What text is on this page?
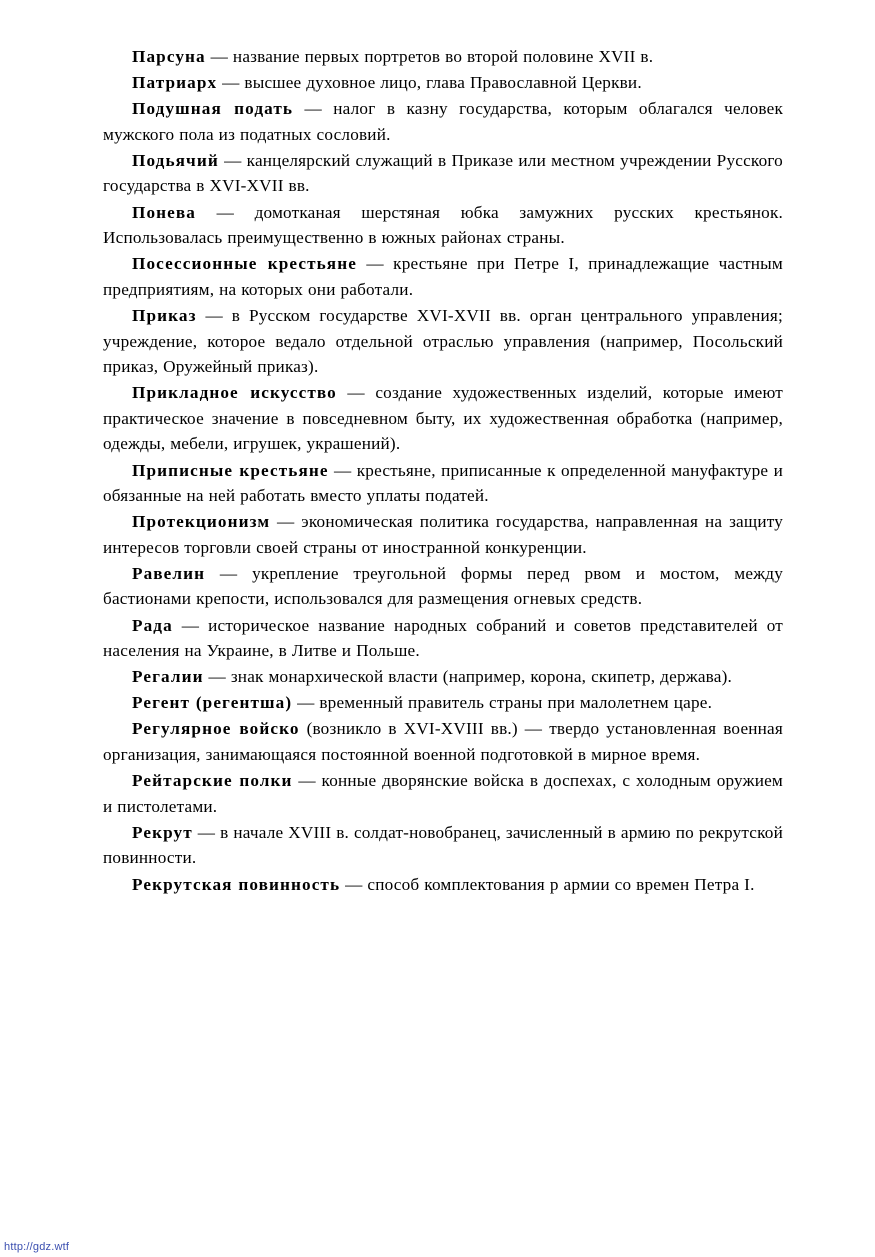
Парсуна — название первых портретов во второй половине XVII в.

Патриарх — высшее духовное лицо, глава Православной Церкви.

Подушная подать — налог в казну государства, которым облагался человек мужского пола из податных сословий.

Подьячий — канцелярский служащий в Приказе или местном учреждении Русского государства в XVI-XVII вв.

Понева — домотканая шерстяная юбка замужних русских крестьянок. Использовалась преимущественно в южных районах страны.

Посессионные крестьяне — крестьяне при Петре I, принадлежащие частным предприятиям, на которых они работали.

Приказ — в Русском государстве XVI-XVII вв. орган центрального управления; учреждение, которое ведало отдельной отраслью управления (например, Посольский приказ, Оружейный приказ).

Прикладное искусство — создание художественных изделий, которые имеют практическое значение в повседневном быту, их художественная обработка (например, одежды, мебели, игрушек, украшений).

Приписные крестьяне — крестьяне, приписанные к определенной мануфактуре и обязанные на ней работать вместо уплаты податей.

Протекционизм — экономическая политика государства, направленная на защиту интересов торговли своей страны от иностранной конкуренции.

Равелин — укрепление треугольной формы перед рвом и мостом, между бастионами крепости, использовался для размещения огневых средств.

Рада — историческое название народных собраний и советов представителей от населения на Украине, в Литве и Польше.

Регалии — знак монархической власти (например, корона, скипетр, держава).

Регент (регентша) — временный правитель страны при малолетнем царе.

Регулярное войско (возникло в XVI-XVIII вв.) — твердо установленная военная организация, занимающаяся постоянной военной подготовкой в мирное время.

Рейтарские полки — конные дворянские войска в доспехах, с холодным оружием и пистолетами.

Рекрут — в начале XVIII в. солдат-новобранец, зачисленный в армию по рекрутской повинности.

Рекрутская повинность — способ комплектования р армии со времен Петра I.

http://gdz.wtf
